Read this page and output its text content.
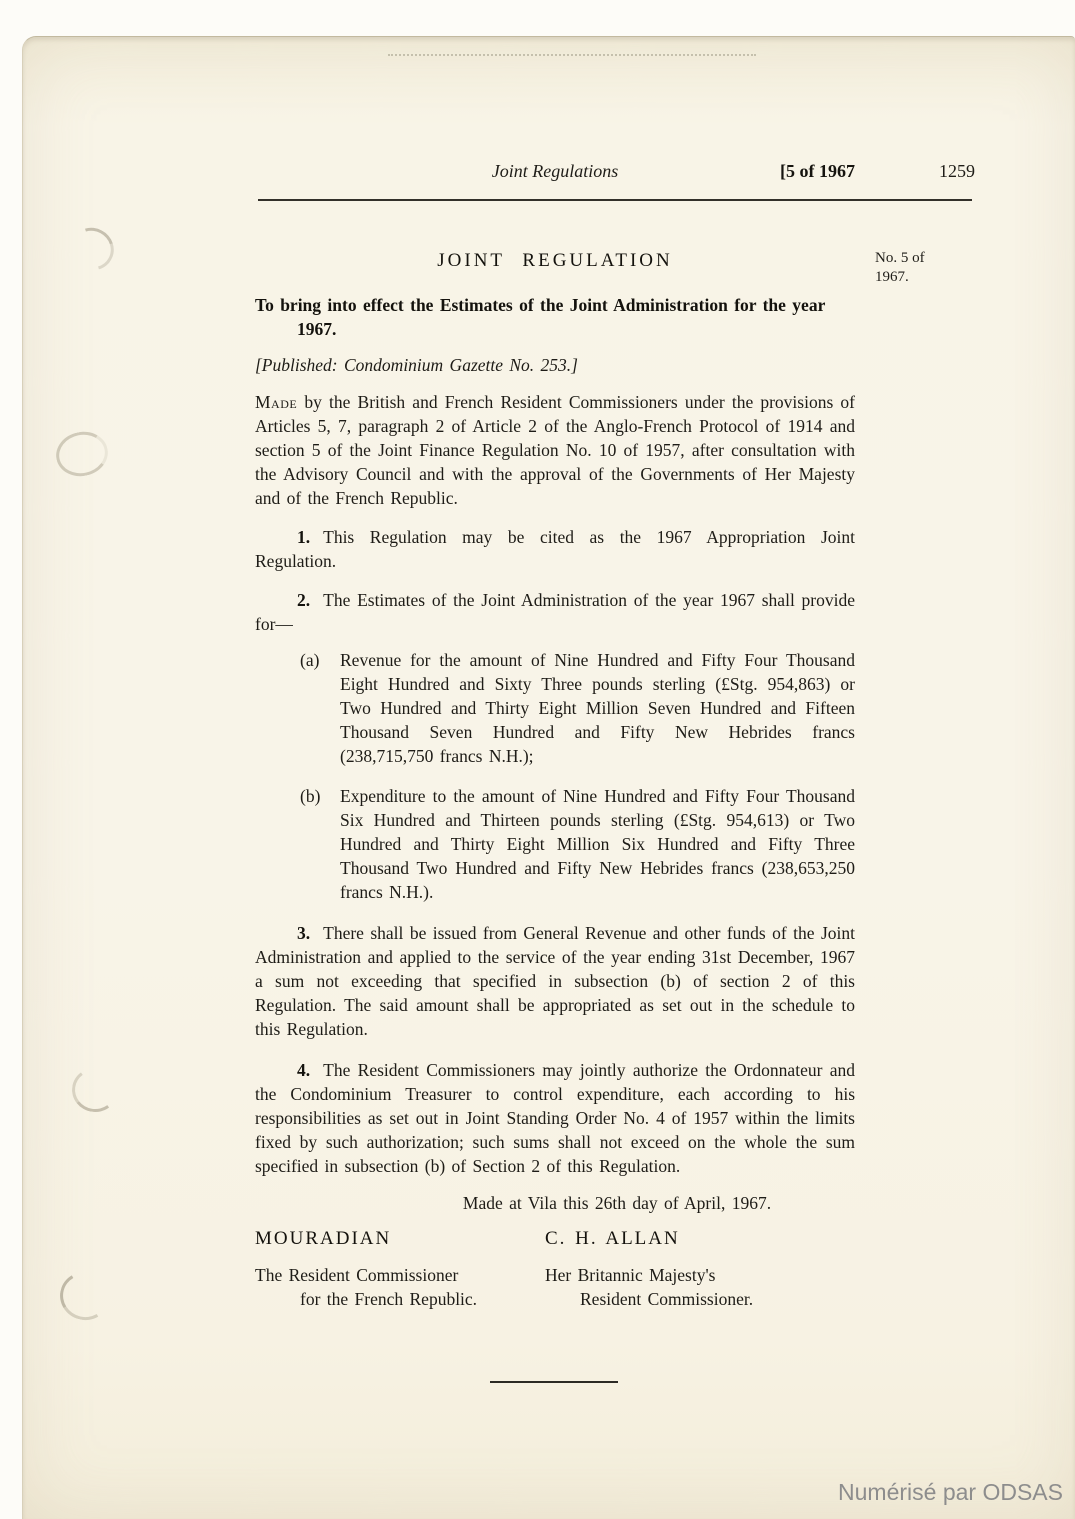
Joint Regulations	[5 of 1967	1259
No. 5 of 1967.
JOINT REGULATION

To bring into effect the Estimates of the Joint Administration for the year 1967.

[Published: Condominium Gazette No. 253.]

Made by the British and French Resident Commissioners under the provisions of Articles 5, 7, paragraph 2 of Article 2 of the Anglo-French Protocol of 1914 and section 5 of the Joint Finance Regulation No. 10 of 1957, after consultation with the Advisory Council and with the approval of the Governments of Her Majesty and of the French Republic.

1. This Regulation may be cited as the 1967 Appropriation Joint Regulation.

2. The Estimates of the Joint Administration of the year 1967 shall provide for—

(a) Revenue for the amount of Nine Hundred and Fifty Four Thousand Eight Hundred and Sixty Three pounds sterling (£Stg. 954,863) or Two Hundred and Thirty Eight Million Seven Hundred and Fifteen Thousand Seven Hundred and Fifty New Hebrides francs (238,715,750 francs N.H.);
(b) Expenditure to the amount of Nine Hundred and Fifty Four Thousand Six Hundred and Thirteen pounds sterling (£Stg. 954,613) or Two Hundred and Thirty Eight Million Six Hundred and Fifty Three Thousand Two Hundred and Fifty New Hebrides francs (238,653,250 francs N.H.).

3. There shall be issued from General Revenue and other funds of the Joint Administration and applied to the service of the year ending 31st December, 1967 a sum not exceeding that specified in subsection (b) of section 2 of this Regulation. The said amount shall be appropriated as set out in the schedule to this Regulation.

4. The Resident Commissioners may jointly authorize the Ordonnateur and the Condominium Treasurer to control expenditure, each according to his responsibilities as set out in Joint Standing Order No. 4 of 1957 within the limits fixed by such authorization; such sums shall not exceed on the whole the sum specified in subsection (b) of Section 2 of this Regulation.

Made at Vila this 26th day of April, 1967.

MOURADIAN
The Resident Commissioner
for the French Republic.
C. H. ALLAN
Her Britannic Majesty's
Resident Commissioner.
Numérisé par ODSAS
